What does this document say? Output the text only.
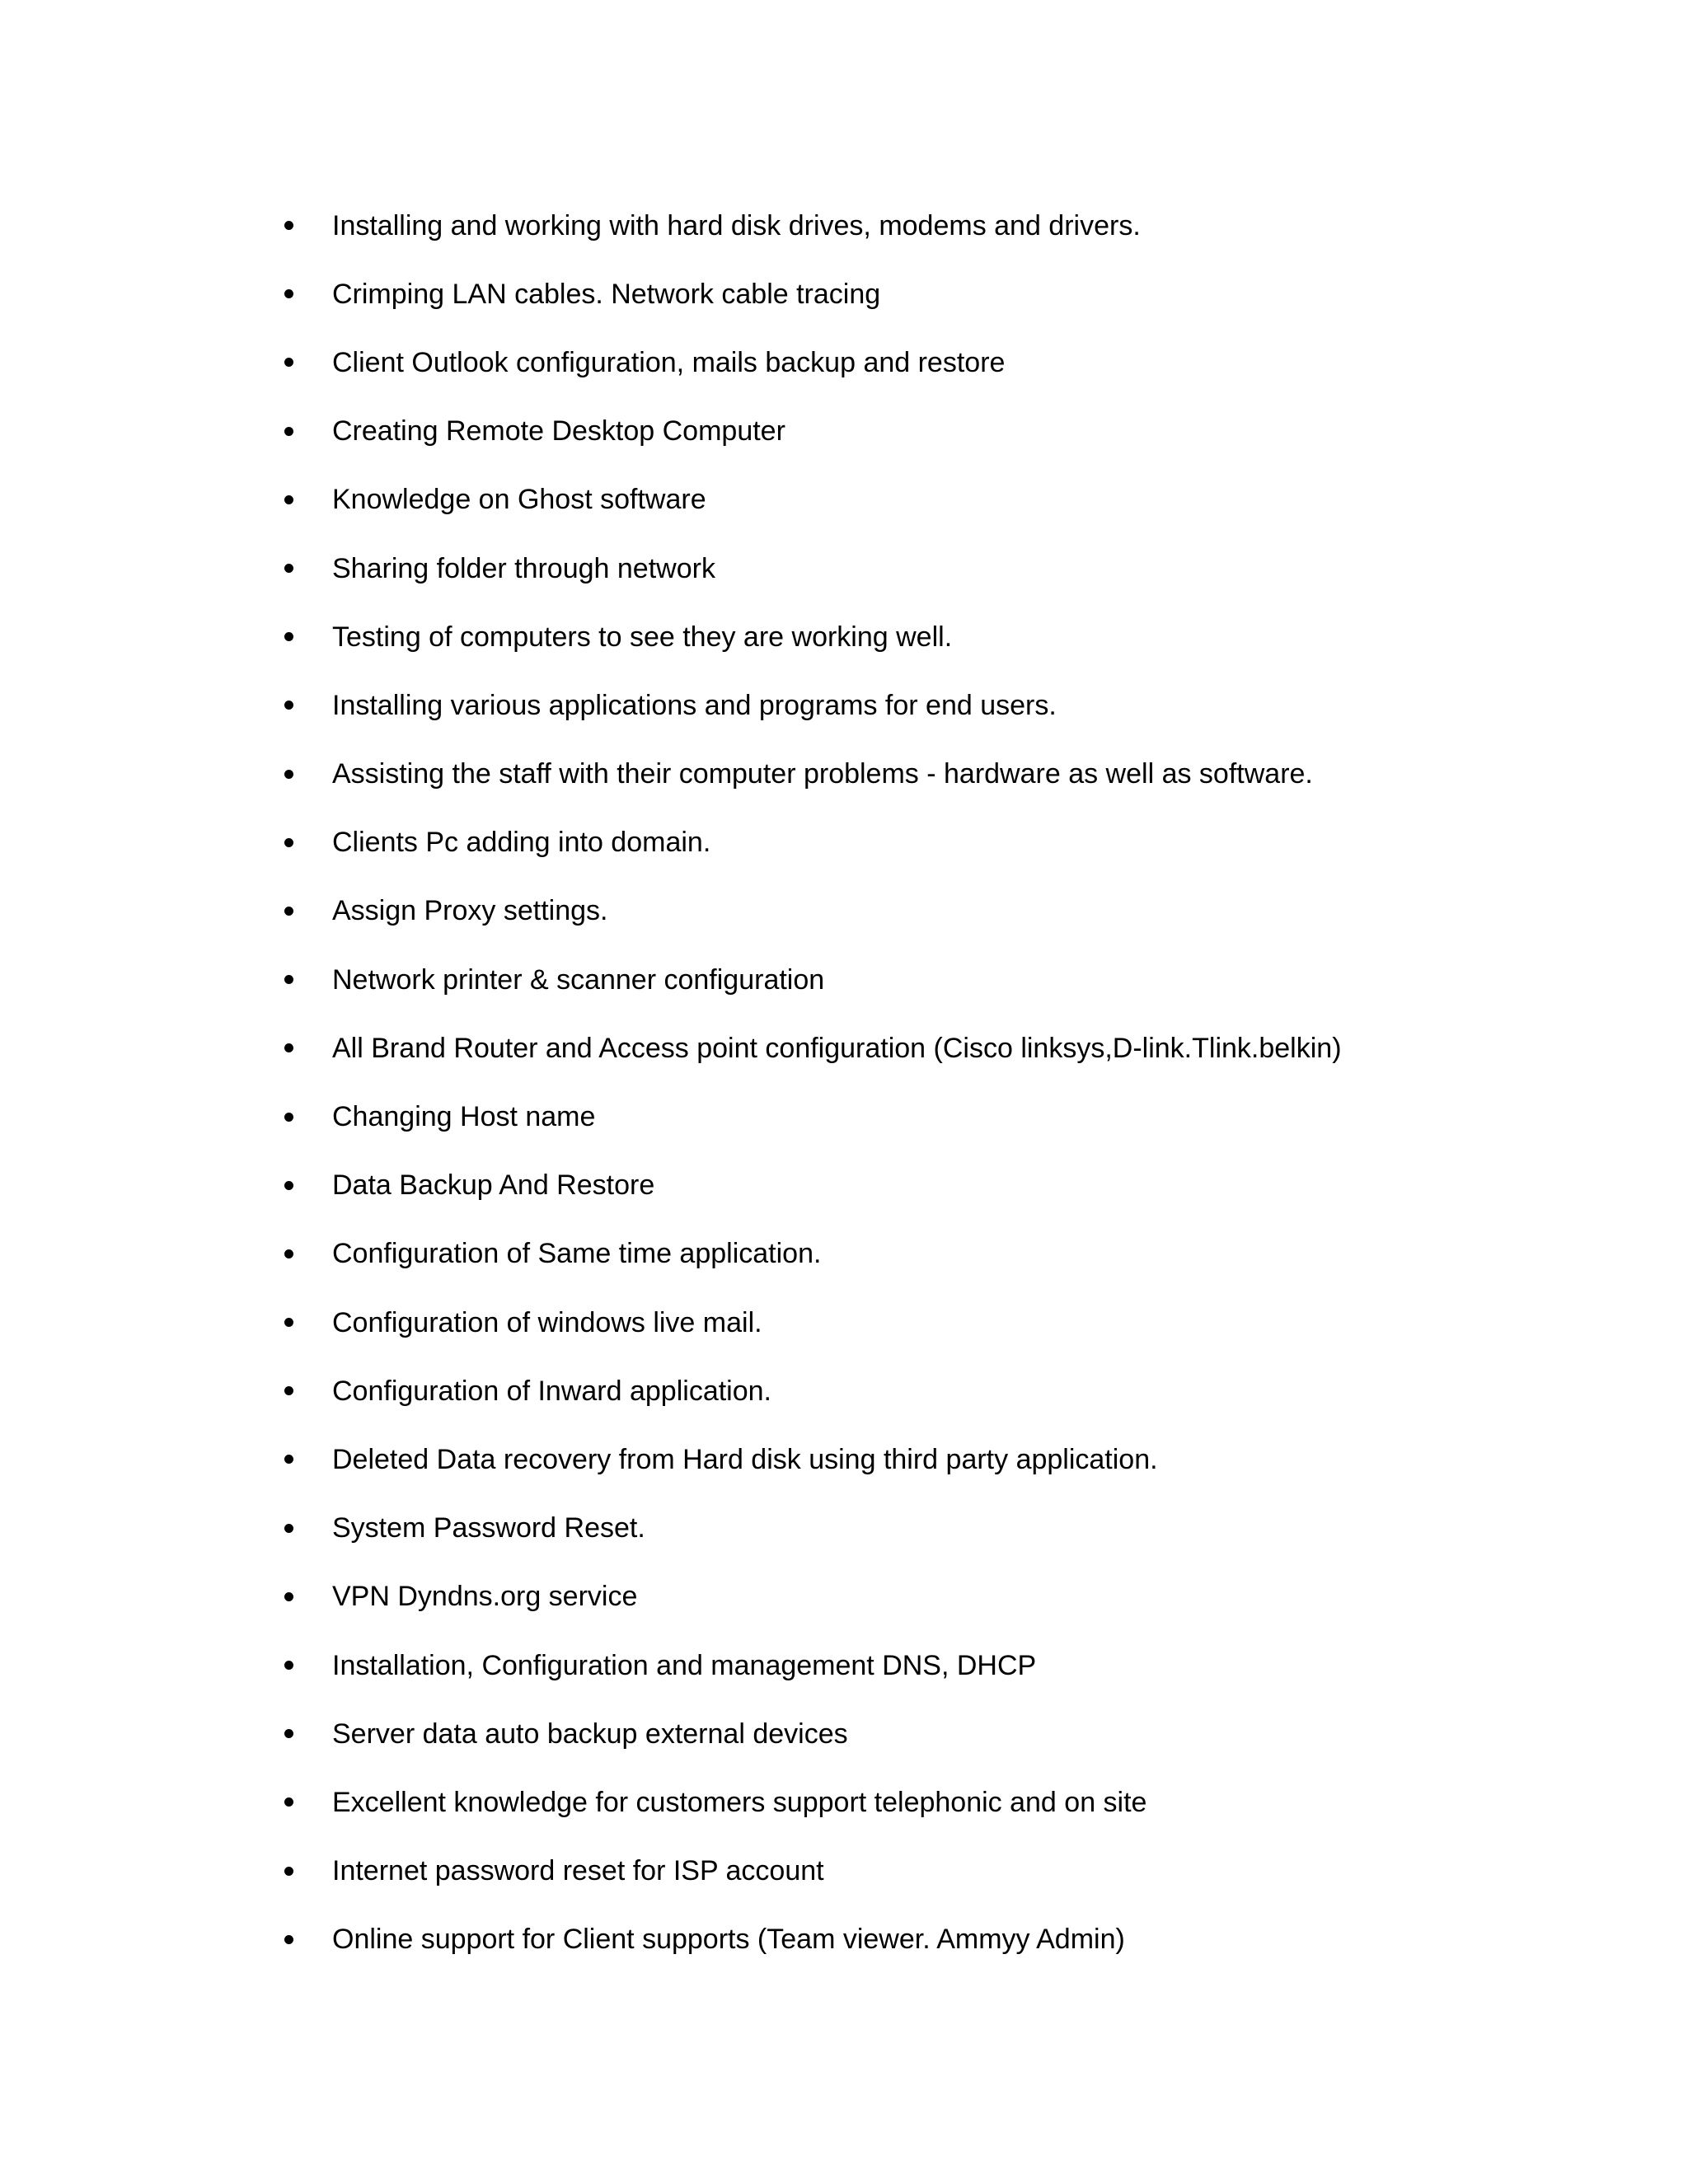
Installing and working with hard disk drives, modems and drivers.
Crimping LAN cables. Network cable tracing
Client Outlook configuration, mails backup and restore
Creating Remote Desktop Computer
Knowledge on Ghost software
Sharing folder through network
Testing of computers to see they are working well.
Installing various applications and programs for end users.
Assisting the staff with their computer problems - hardware as well as software.
Clients Pc adding into domain.
Assign Proxy settings.
Network printer & scanner configuration
All Brand Router and Access point configuration (Cisco linksys,D-link.Tlink.belkin)
Changing Host name
Data Backup And Restore
Configuration of Same time application.
Configuration of windows live mail.
Configuration of Inward application.
Deleted Data recovery from Hard disk using third party application.
System Password Reset.
VPN Dyndns.org service
Installation, Configuration and management DNS, DHCP
Server data auto backup external devices
Excellent knowledge for customers support telephonic and on site
Internet password reset for ISP account
Online support for Client supports (Team viewer. Ammyy Admin)
